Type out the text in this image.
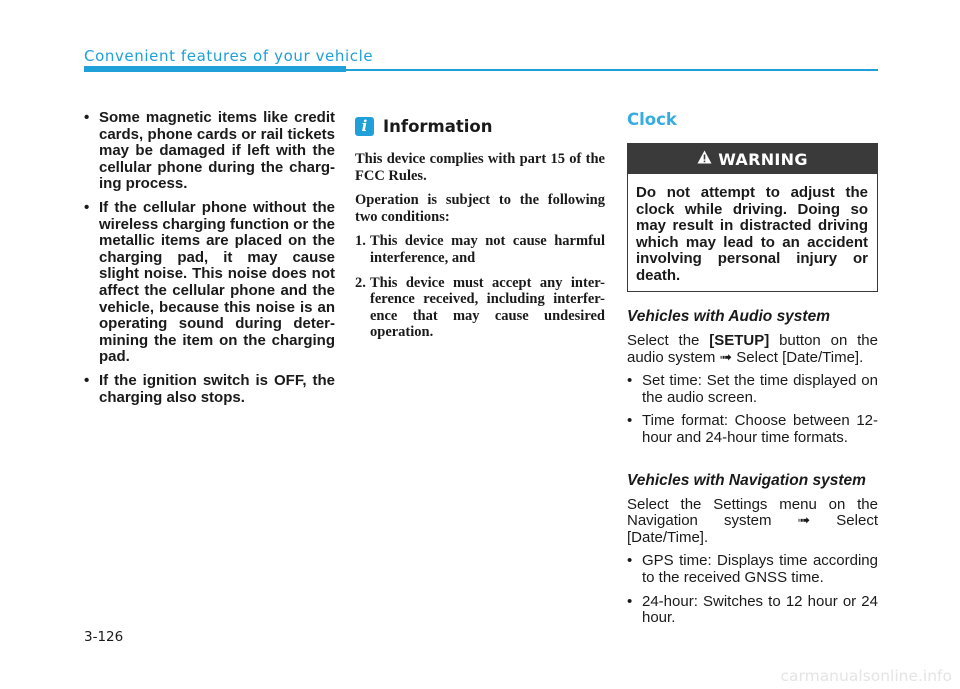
Convenient features of your vehicle
• Some magnetic items like credit cards, phone cards or rail tickets may be damaged if left with the cellular phone during the charg-ing process.
• If the cellular phone without the wireless charging function or the metallic items are placed on the charging pad, it may cause slight noise. This noise does not affect the cellular phone and the vehicle, because this noise is an operating sound during deter-mining the item on the charging pad.
• If the ignition switch is OFF, the charging also stops.
i Information

This device complies with part 15 of the FCC Rules.

Operation is subject to the following two conditions:

1. This device may not cause harmful interference, and
2. This device must accept any inter-ference received, including interfer-ence that may cause undesired operation.
Clock
WARNING
Do not attempt to adjust the clock while driving. Doing so may result in distracted driving which may lead to an accident involving personal injury or death.
Vehicles with Audio system

Select the [SETUP] button on the audio system ➟ Select [Date/Time].

• Set time: Set the time displayed on the audio screen.
• Time format: Choose between 12-hour and 24-hour time formats.
Vehicles with Navigation system

Select the Settings menu on the Navigation system ➟ Select [Date/Time].

• GPS time: Displays time according to the received GNSS time.
• 24-hour: Switches to 12 hour or 24 hour.
3-126
carmanualsonline.info
